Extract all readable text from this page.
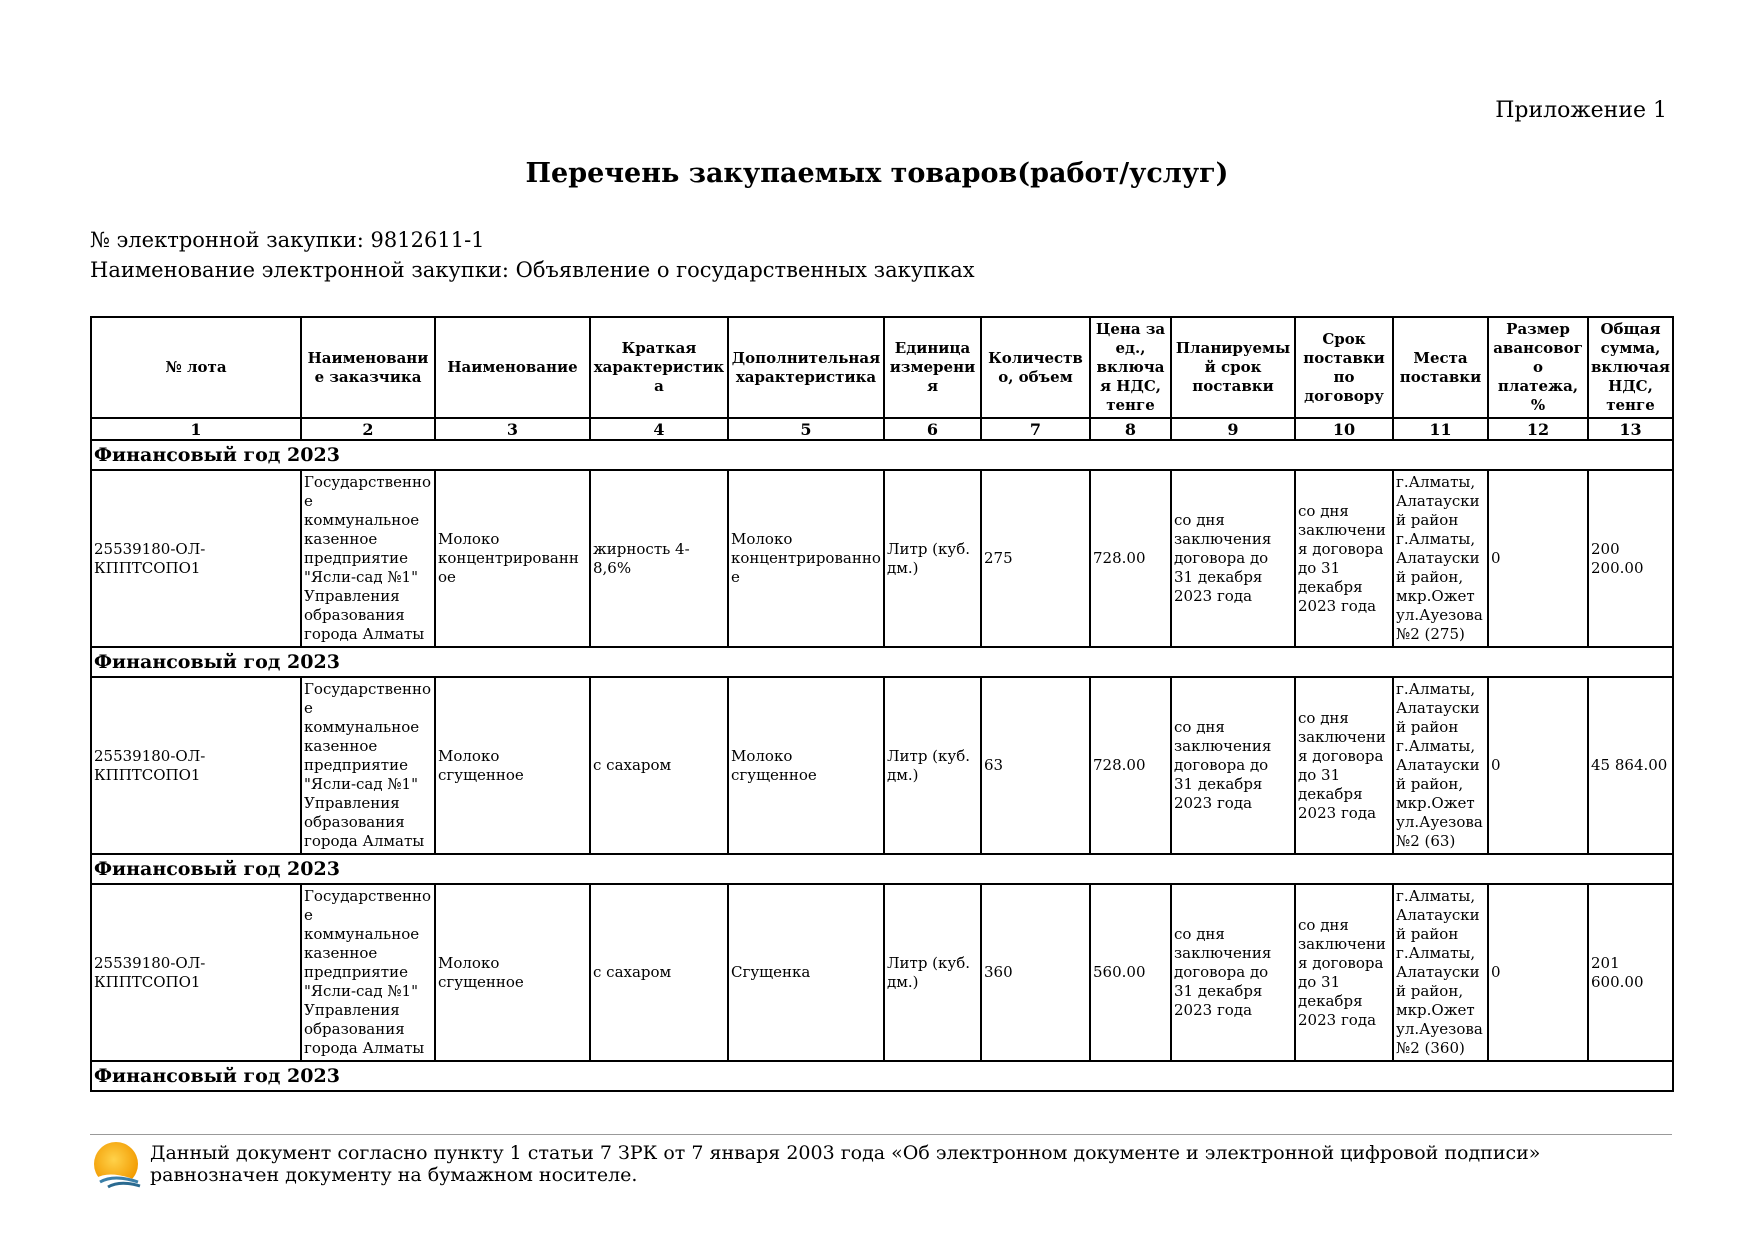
Приложение 1
Перечень закупаемых товаров(работ/услуг)
№ электронной закупки: 9812611-1
Наименование электронной закупки: Объявление о государственных закупках
№ лота	Наименование заказчика	Наименование	Краткая характеристика	Дополнительная характеристика	Единица измерения	Количество, объем	Цена за ед., включая НДС, тенге	Планируемый срок поставки	Срок поставки по договору	Места поставки	Размер авансового платежа, %	Общая сумма, включая НДС, тенге
1	2	3	4	5	6	7	8	9	10	11	12	13
Финансовый год 2023												
25539180-ОЛ-КППТСОПО1	Государственное коммунальное казенное предприятие "Ясли-сад №1" Управления образования города Алматы	Молоко концентрированное	жирность 4-8,6%	Молоко концентрированное	Литр (куб. дм.)	275	728.00	со дня заключения договора до 31 декабря 2023 года	со дня заключения договора до 31 декабря 2023 года	г.Алматы, Алатауский район г.Алматы, Алатауский район, мкр.Ожет ул.Ауезова №2 (275)	0	200 200.00
Финансовый год 2023												
25539180-ОЛ-КППТСОПО1	Государственное коммунальное казенное предприятие "Ясли-сад №1" Управления образования города Алматы	Молоко сгущенное	с сахаром	Молоко сгущенное	Литр (куб. дм.)	63	728.00	со дня заключения договора до 31 декабря 2023 года	со дня заключения договора до 31 декабря 2023 года	г.Алматы, Алатауский район г.Алматы, Алатауский район, мкр.Ожет ул.Ауезова №2 (63)	0	45 864.00
Финансовый год 2023												
25539180-ОЛ-КППТСОПО1	Государственное коммунальное казенное предприятие "Ясли-сад №1" Управления образования города Алматы	Молоко сгущенное	с сахаром	Сгущенка	Литр (куб. дм.)	360	560.00	со дня заключения договора до 31 декабря 2023 года	со дня заключения договора до 31 декабря 2023 года	г.Алматы, Алатауский район г.Алматы, Алатауский район, мкр.Ожет ул.Ауезова №2 (360)	0	201 600.00
Финансовый год 2023												
Данный документ согласно пункту 1 статьи 7 ЗРК от 7 января 2003 года «Об электронном документе и электронной цифровой подписи» равнозначен документу на бумажном носителе.
